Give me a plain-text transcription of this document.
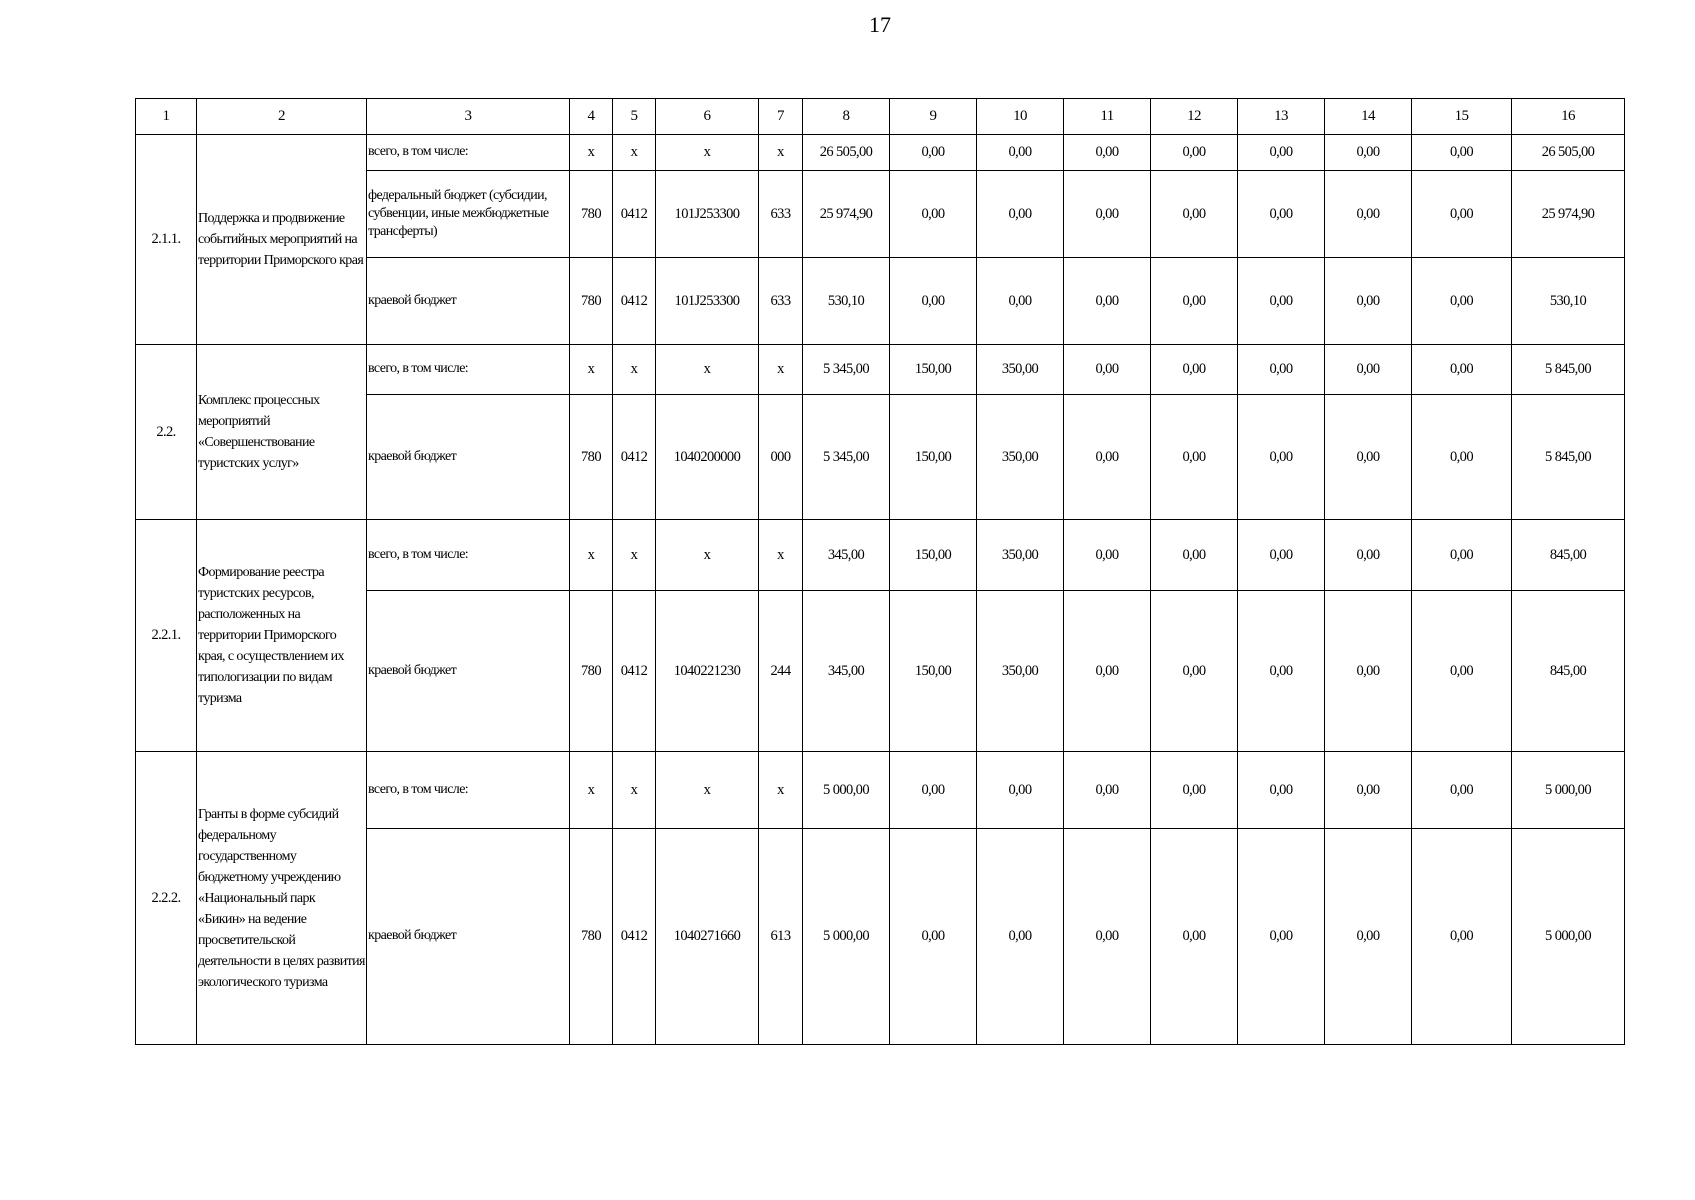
17
1	2	3	4	5	6	7	8	9	10	11	12	13	14	15	16
2.1.1.	Поддержка и продвижение событийных мероприятий на территории Приморского края	всего, в том числе:	x	x	x	x	26 505,00	0,00	0,00	0,00	0,00	0,00	0,00	0,00	26 505,00
		федеральный бюджет (субсидии, субвенции, иные межбюджетные трансферты)	780	0412	101J253300	633	25 974,90	0,00	0,00	0,00	0,00	0,00	0,00	0,00	25 974,90
		краевой бюджет	780	0412	101J253300	633	530,10	0,00	0,00	0,00	0,00	0,00	0,00	0,00	530,10
2.2.	Комплекс процессных мероприятий «Совершенствование туристских услуг»	всего, в том числе:	x	x	x	x	5 345,00	150,00	350,00	0,00	0,00	0,00	0,00	0,00	5 845,00
		краевой бюджет	780	0412	1040200000	000	5 345,00	150,00	350,00	0,00	0,00	0,00	0,00	0,00	5 845,00
2.2.1.	Формирование реестра туристских ресурсов, расположенных на территории Приморского края, с осуществлением их типологизации по видам туризма	всего, в том числе:	x	x	x	x	345,00	150,00	350,00	0,00	0,00	0,00	0,00	0,00	845,00
		краевой бюджет	780	0412	1040221230	244	345,00	150,00	350,00	0,00	0,00	0,00	0,00	0,00	845,00
2.2.2.	Гранты в форме субсидий федеральному государственному бюджетному учреждению «Национальный парк «Бикин» на ведение просветительской деятельности в целях развития экологического туризма	всего, в том числе:	x	x	x	x	5 000,00	0,00	0,00	0,00	0,00	0,00	0,00	0,00	5 000,00
		краевой бюджет	780	0412	1040271660	613	5 000,00	0,00	0,00	0,00	0,00	0,00	0,00	0,00	5 000,00
